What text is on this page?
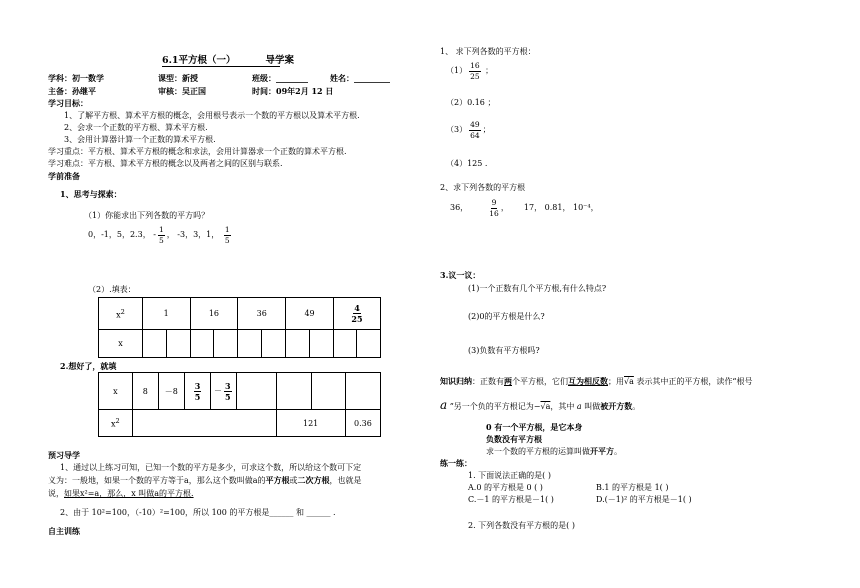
6.1平方根（一）	导学案
学科：初一数学	课型：新授	班级：________	姓名：_________
主备：孙继平	审核：吴正国	时间：09年2月 12 日
学习目标：
1、了解平方根、算术平方根的概念，会用根号表示一个数的平方根以及算术平方根.
2、会求一个正数的平方根、算术平方根.
3、会用计算器计算一个正数的算术平方根.
学习重点：平方根、算术平方根的概念和求法，会用计算器求一个正数的算术平方根.
学习难点：平方根、算术平方根的概念以及两者之间的区别与联系.
学前准备
1、思考与探索：
（1）你能求出下列各数的平方吗？
0，-1，5，2.3， - $\frac{1}{5}$ ， -3，3，1， $\frac{1}{5}$
（2）.填表：
$x^2$	1	16	36	49	$\frac{4}{25}$

x	

2.想好了，就填
x	8	－8	$\frac{3}{5}$	－ $\frac{3}{5}$

$x^2$						121		0.36
预习导学
1、通过以上练习可知，已知一个数的平方是多少，可求这个数，所以给这个数可下定
义为：一般地，如果一个数的平方等于a，那么这个数叫做a的平方根或二次方根，也就是
说，如果x²=a，那么，x 叫做a的平方根.
2、由于 10²=100，（-10）²=100，所以 100 的平方根是______ 和 ______ .
自主训练
1、 求下列各数的平方根：
$(1) \frac{16}{25}$ ；
（2）0.16 ；
$(3) \frac{49}{64}$ ；
（4）125 .
2、求下列各数的平方根
36，	$\frac{9}{16}$ ，  17， 0.81， 10⁻⁴，
3.议一议：
(1)一个正数有几个平方根,有什么特点?
(2)0的平方根是什么?
(3)负数有平方根吗?
知识归纳：正数有两个平方根，它们互为相反数；用√a 表示其中正的平方根，读作“根号
a ”另一个负的平方根记为−√a，其中 a 叫做被开方数。
0 有一个平方根，是它本身
负数没有平方根
求一个数的平方根的运算叫做开平方。
练一练：
1. 下面说法正确的是( )
A.0 的平方根是 0 ( )	B.1 的平方根是 1( )
C.－1 的平方根是－1( )	D.(－1)² 的平方根是－1( )
2. 下列各数没有平方根的是( )
